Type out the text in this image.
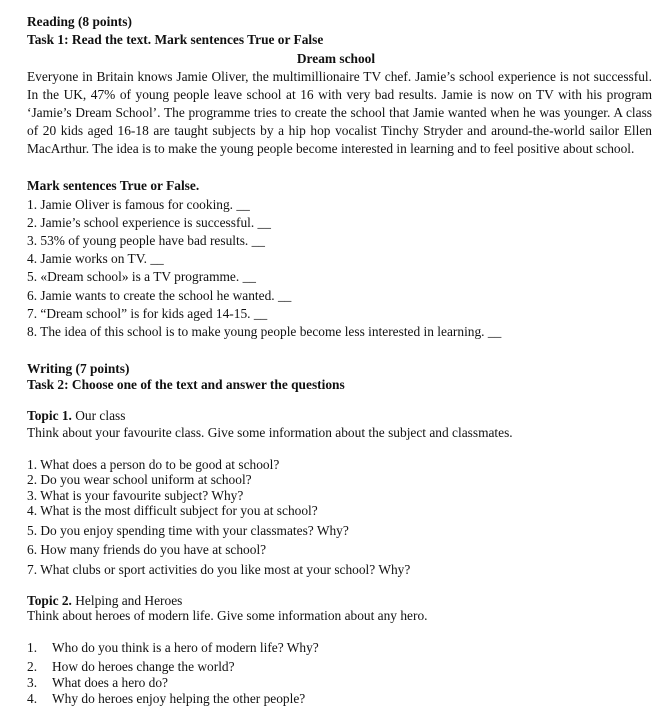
Reading (8 points)
Task 1: Read the text. Mark sentences True or False
Dream school
Everyone in Britain knows Jamie Oliver, the multimillionaire TV chef. Jamie’s school experience is not successful. In the UK, 47% of young people leave school at 16 with very bad results. Jamie is now on TV with his program ‘Jamie’s Dream School’. The programme tries to create the school that Jamie wanted when he was younger. A class of 20 kids aged 16-18 are taught subjects by a hip hop vocalist Tinchy Stryder and around-the-world sailor Ellen MacArthur. The idea is to make the young people become interested in learning and to feel positive about school.
Mark sentences True or False.
1. Jamie Oliver is famous for cooking. __
2. Jamie’s school experience is successful. __
3. 53% of young people have bad results. __
4. Jamie works on TV. __
5. «Dream school» is a TV programme. __
6. Jamie wants to create the school he wanted. __
7. “Dream school” is for kids aged 14-15. __
8. The idea of this school is to make young people become less interested in learning. __
Writing (7 points)
Task 2: Choose one of the text and answer the questions
Topic 1. Our class
Think about your favourite class. Give some information about the subject and classmates.
1. What does a person do to be good at school?
2. Do you wear school uniform at school?
3. What is your favourite subject? Why?
4. What is the most difficult subject for you at school?
5. Do you enjoy spending time with your classmates? Why?
6. How many friends do you have at school?
7. What clubs or sport activities do you like most at your school? Why?
Topic 2. Helping and Heroes
Think about heroes of modern life. Give some information about any hero.
1. Who do you think is a hero of modern life? Why?
2. How do heroes change the world?
3. What does a hero do?
4. Why do heroes enjoy helping the other people?
